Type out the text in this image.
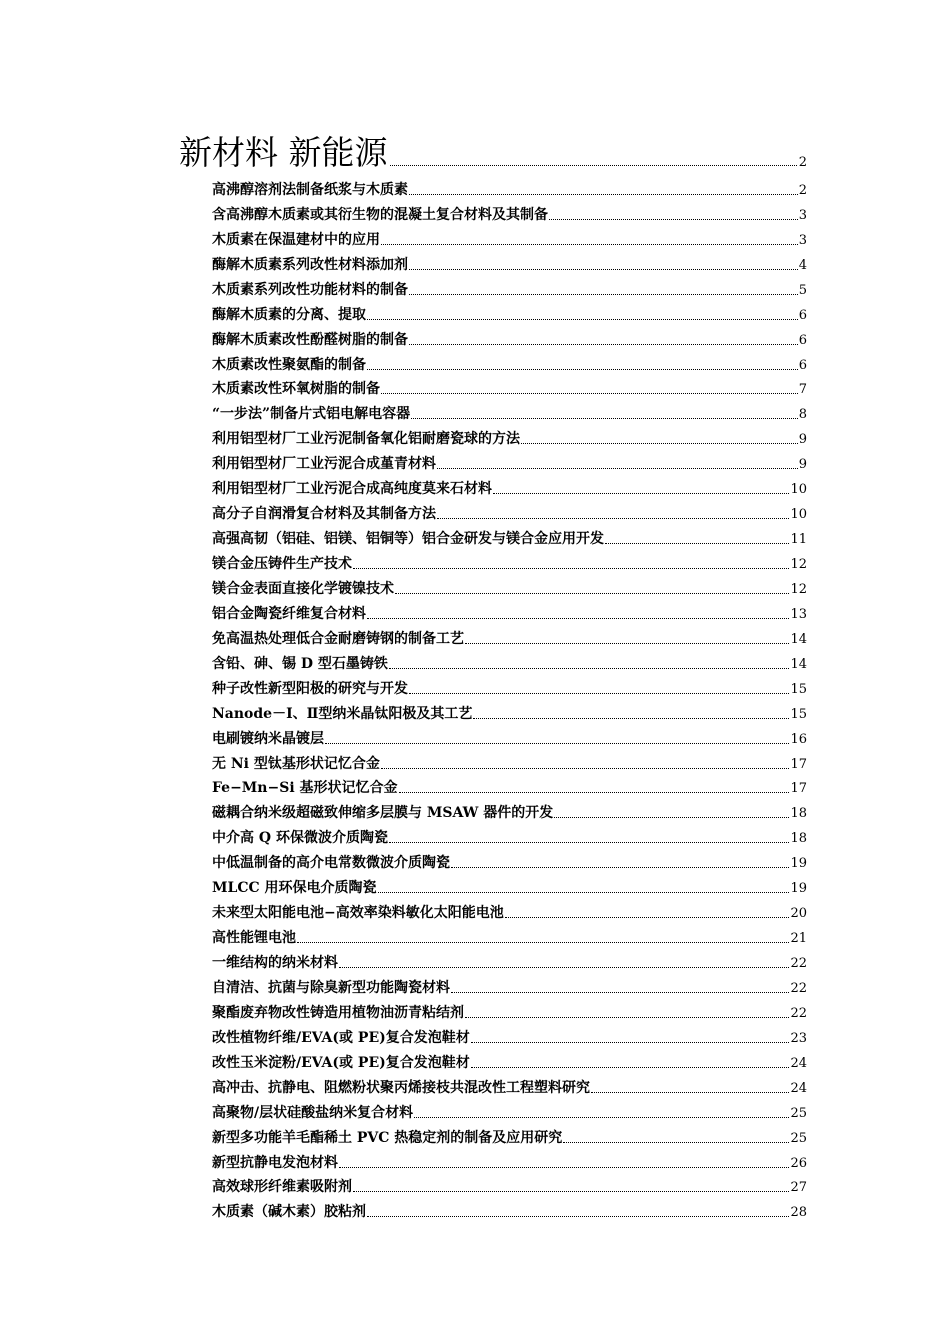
新材料 新能源	2
高沸醇溶剂法制备纸浆与木质素	2
含高沸醇木质素或其衍生物的混凝土复合材料及其制备	3
木质素在保温建材中的应用	3
酶解木质素系列改性材料添加剂	4
木质素系列改性功能材料的制备	5
酶解木质素的分离、提取	6
酶解木质素改性酚醛树脂的制备	6
木质素改性聚氨酯的制备	6
木质素改性环氧树脂的制备	7
“一步法”制备片式铝电解电容器	8
利用铝型材厂工业污泥制备氧化铝耐磨瓷球的方法	9
利用铝型材厂工业污泥合成堇青材料	9
利用铝型材厂工业污泥合成高纯度莫来石材料	10
高分子自润滑复合材料及其制备方法	10
高强高韧（铝硅、铝镁、铝铜等）铝合金研发与镁合金应用开发	11
镁合金压铸件生产技术	12
镁合金表面直接化学镀镍技术	12
铝合金陶瓷纤维复合材料	13
免高温热处理低合金耐磨铸钢的制备工艺	14
含铅、砷、锡 D 型石墨铸铁	14
种子改性新型阳极的研究与开发	15
Nanode－Ⅰ、Ⅱ型纳米晶钛阳极及其工艺	15
电刷镀纳米晶镀层	16
无 Ni 型钛基形状记忆合金	17
Fe−Mn−Si 基形状记忆合金	17
磁耦合纳米级超磁致伸缩多层膜与 MSAW 器件的开发	18
中介高 Q 环保微波介质陶瓷	18
中低温制备的高介电常数微波介质陶瓷	19
MLCC 用环保电介质陶瓷	19
未来型太阳能电池−高效率染料敏化太阳能电池	20
高性能锂电池	21
一维结构的纳米材料	22
自清洁、抗菌与除臭新型功能陶瓷材料	22
聚酯废弃物改性铸造用植物油沥青粘结剂	22
改性植物纤维/EVA(或 PE)复合发泡鞋材	23
改性玉米淀粉/EVA(或 PE)复合发泡鞋材	24
高冲击、抗静电、阻燃粉状聚丙烯接枝共混改性工程塑料研究	24
高聚物/层状硅酸盐纳米复合材料	25
新型多功能羊毛酯稀土 PVC 热稳定剂的制备及应用研究	25
新型抗静电发泡材料	26
高效球形纤维素吸附剂	27
木质素（碱木素）胶粘剂	28
